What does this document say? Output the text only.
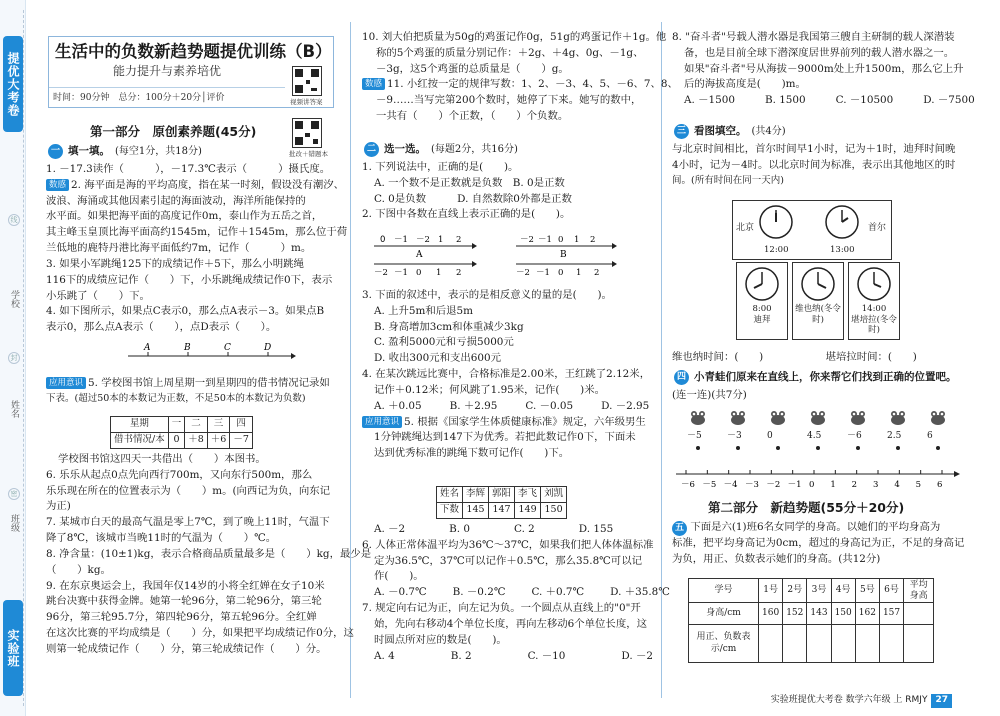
提优大考卷
线
学校
封
姓名
密
班级
实验班
生活中的负数新趋势题提优训练（B）
能力提升与素养培优
时间：90分钟　总分：100分＋20分│评价	视频讲答案
批改＋错题本
第一部分　原创素养题(45分)
一 填一填。 (每空1分，共18分)
1. －17.3读作（　　　），－17.3℃表示（　　　）摄氏度。
数感 2. 海平面是海的平均高度，指在某一时刻，假设没有潮汐、
波浪、海涌或其他因素引起的海面波动，海洋所能保持的
水平面。如果把海平面的高度记作0m，泰山作为五岳之首，
其主峰玉皇顶比海平面高约1545m，记作＋1545m，那么位于荷
兰低地的鹿特丹港比海平面低约7m，记作（　　　）m。
3. 如果小军跳绳125下的成绩记作＋5下，那么小明跳绳
116下的成绩应记作（　　）下，小乐跳绳成绩记作0下，表示
小乐跳了（　　）下。
4. 如下图所示，如果点C表示0，那么点A表示－3。如果点B
表示0，那么点A表示（　　），点D表示（　　）。
A	B	C	D
应用意识 5. 学校图书馆上周星期一到星期四的借书情况记录如
下表。(超过50本的本数记为正数，不足50本的本数记为负数)
星期	一	二	三	四
借书情况/本	0	＋8	＋6	－7
学校图书馆这四天一共借出（　　）本图书。
6. 乐乐从起点0点先向西行700m，又向东行500m，那么
乐乐现在所在的位置表示为（　　）m。(向西记为负，向东记
为正)
7. 某城市白天的最高气温是零上7℃，到了晚上11时，气温下
降了8℃，该城市当晚11时的气温为（　　）℃。
8. 净含量：(10±1)kg，表示合格商品质量最多是（　　）kg，最少是
（　　）kg。
9. 在东京奥运会上，我国年仅14岁的小将全红婵在女子10米
跳台决赛中获得金牌。她第一轮96分，第二轮96分，第三轮
96分，第三轮95.7分，第四轮96分，第五轮96分。全红婵
在这次比赛的平均成绩是（　　）分，如果把平均成绩记作0分，这
则第一轮成绩记作（　　）分，第三轮成绩记作（　　）分。
10. 刘大伯把质量为50g的鸡蛋记作0g，51g的鸡蛋记作＋1g。他
称的5个鸡蛋的质量分别记作：＋2g、＋4g、0g、－1g、
－3g，这5个鸡蛋的总质量是（　　）g。
数感 11. 小红按一定的规律写数：1、2、－3、4、5、－6、7、8、
－9……当写完第200个数时，她停了下来。她写的数中，
一共有（　　）个正数，（　　）个负数。
二 选一选。 (每题2分，共16分)
1. 下列说法中，正确的是(　　)。
A. 一个数不是正数就是负数　 B. 0是正数
C. 0是负数　　　	D. 自然数除0外都是正数
2. 下图中各数在直线上表示正确的是(　　)。
0 －1 －2 1 2
A
－2 －1 0 1 2
B
－2 －1 0 1 2	－2 －1 0 1 2
3. 下面的叙述中，表示的是相反意义的量的是(　　)。
A. 上升5m和后退5m
B. 身高增加3cm和体重减少3kg
C. 盈利5000元和亏损5000元
D. 收出300元和支出600元
4. 在某次跳远比赛中，合格标准是2.00米，王红跳了2.12米，
记作＋0.12米；何风跳了1.95米，记作(　　)米。
A. ＋0.05	B. ＋2.95	C. －0.05	D. －2.95
应用意识 5. 根据《国家学生体质健康标准》规定，六年级男生
1分钟跳绳达到147下为优秀。若把此数记作0下，下面未
达到优秀标准的跳绳下数可记作(　　)下。
姓名	李辉	郭阳	李飞	刘凯
下数	145	147	149	150
A. －2	B. 0	C. 2	D. 155
6. 人体正常体温平均为36℃～37℃，如果我们把人体体温标准
定为36.5℃，37℃可以记作＋0.5℃，那么35.8℃可以记
作(　　)。
A. －0.7℃	B. －0.2℃	C. ＋0.7℃	D. ＋35.8℃
7. 规定向右记为正，向左记为负。一个圆点从直线上的"0"开
始，先向右移动4个单位长度，再向左移动6个单位长度，这
时圆点所对应的数是(　　)。
A. 4	B. 2	C. －10	D. －2
8. "奋斗者"号载人潜水器是我国第三艘自主研制的载人深潜装
备，也是目前全球下潜深度居世界前列的载人潜水器之一。
如果"奋斗者"号从海拔－9000m处上升1500m，那么它上升
后的海拔高度是(　　)m。
A. －1500	B. 1500	C. －10500	D. －7500
三 看图填空。 (共4分)
与北京时间相比，首尔时间早1小时，记为＋1时，迪拜时间晚
4小时，记为－4时。以北京时间为标准，表示出其他地区的时
间。(所有时间在同一天内)
北京	首尔
12:00	13:00
8:00
迪拜
维也纳(冬令时)
14:00
堪培拉(冬令时)
维也纳时间：(　　)　　　　　　堪培拉时间：(　　)
四 小青蛙们原来在直线上，你来帮它们找到正确的位置吧。
(连一连)(共7分)
－5	－3	0	4.5	－6	2.5	6
－6 －5 －4 －3 －2 －1 0 1 2 3 4 5 6
第二部分　新趋势题(55分＋20分)
五 下面是六(1)班6名女同学的身高。以她们的平均身高为
标准，把平均身高记为0cm，超过的身高记为正，不足的身高记
为负，用正、负数表示她们的身高。(共12分)
学号	1号	2号	3号	4号	5号	6号	平均身高
身高/cm	160	152	143	150	162	157	
用正、负数表示/cm							
实验班提优大考卷 数学六年级 上 RMJY 27
